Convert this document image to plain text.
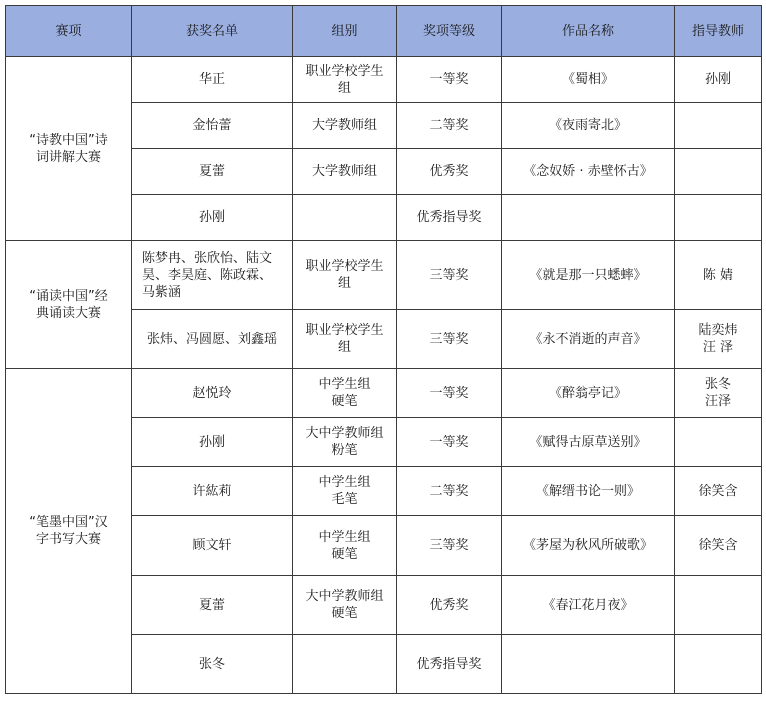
赛项	获奖名单	组别	奖项等级	作品名称	指导教师
“诗教中国”诗
词讲解大赛	华正	职业学校学生
组	一等奖	《蜀相》	孙刚
	金怡蕾	大学教师组	二等奖	《夜雨寄北》	
	夏蕾	大学教师组	优秀奖	《念奴娇 · 赤壁怀古》	
	孙刚		优秀指导奖		
“诵读中国”经
典诵读大赛	陈梦冉、张欣怡、陆文
昊、李昊庭、陈政霖、
马紫涵	职业学校学生
组	三等奖	《就是那一只蟋蟀》	陈 婧
	张炜、冯圆愿、刘鑫瑶	职业学校学生
组	三等奖	《永不消逝的声音》	陆奕炜
汪 泽
“笔墨中国”汉
字书写大赛	赵悦玲	中学生组
硬笔	一等奖	《醉翁亭记》	张冬
汪泽
	孙刚	大中学教师组
粉笔	一等奖	《赋得古原草送别》	
	许紘莉	中学生组
毛笔	二等奖	《解缙书论一则》	徐笑含
	顾文轩	中学生组
硬笔	三等奖	《茅屋为秋风所破歌》	徐笑含
	夏蕾	大中学教师组
硬笔	优秀奖	《春江花月夜》	
	张冬		优秀指导奖		
